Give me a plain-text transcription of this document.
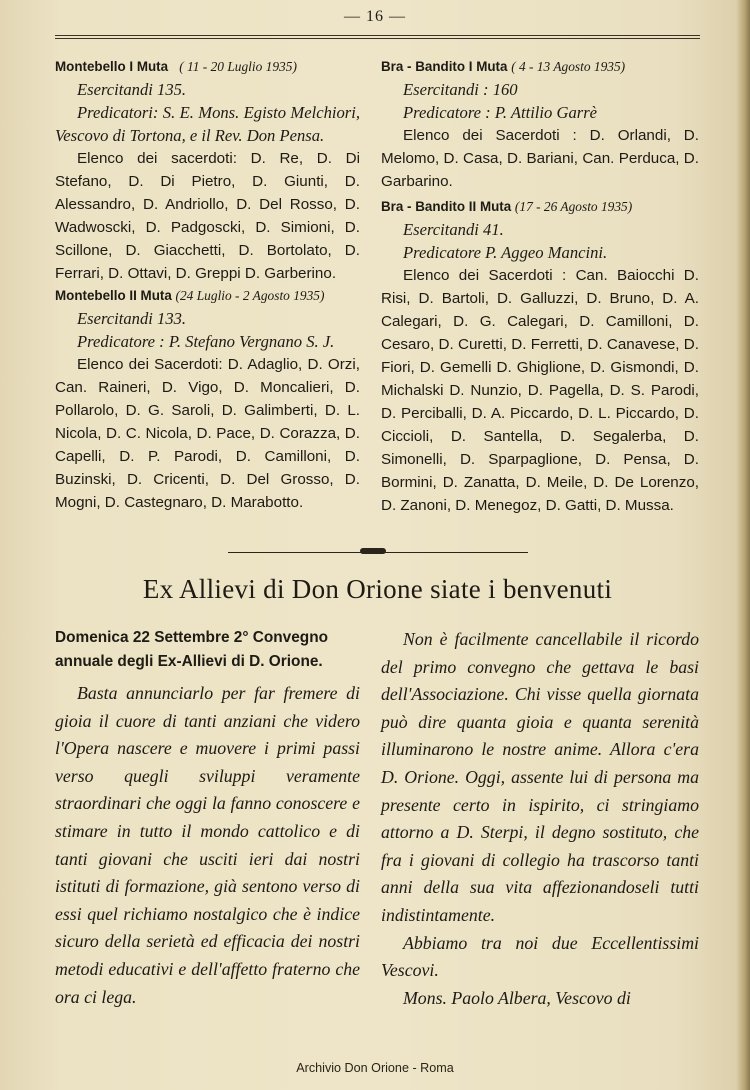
— 16 —
Montebello I Muta ( 11 - 20 Luglio 1935)

Esercitandi 135.

Predicatori: S. E. Mons. Egisto Melchiori, Vescovo di Tortona, e il Rev. Don Pensa.

Elenco dei sacerdoti: D. Re, D. Di Stefano, D. Di Pietro, D. Giunti, D. Alessandro, D. Andriollo, D. Del Rosso, D. Wadwoscki, D. Padgoscki, D. Simioni, D. Scillone, D. Giacchetti, D. Bortolato, D. Ferrari, D. Ottavi, D. Greppi D. Garberino.

Montebello II Muta (24 Luglio - 2 Agosto 1935)

Esercitandi 133.

Predicatore : P. Stefano Vergnano S. J.

Elenco dei Sacerdoti: D. Adaglio, D. Orzi, Can. Raineri, D. Vigo, D. Moncalieri, D. Pollarolo, D. G. Saroli, D. Galimberti, D. L. Nicola, D. C. Nicola, D. Pace, D. Corazza, D. Capelli, D. P. Parodi, D. Camilloni, D. Buzinski, D. Cricenti, D. Del Grosso, D. Mogni, D. Castegnaro, D. Marabotto.

Bra - Bandito I Muta ( 4 - 13 Agosto 1935)

Esercitandi : 160

Predicatore : P. Attilio Garrè

Elenco dei Sacerdoti : D. Orlandi, D. Melomo, D. Casa, D. Bariani, Can. Perduca, D. Garbarino.

Bra - Bandito II Muta (17 - 26 Agosto 1935)

Esercitandi 41.

Predicatore P. Aggeo Mancini.

Elenco dei Sacerdoti : Can. Baiocchi D. Risi, D. Bartoli, D. Galluzzi, D. Bruno, D. A. Calegari, D. G. Calegari, D. Camilloni, D. Cesaro, D. Curetti, D. Ferretti, D. Canavese, D. Fiori, D. Gemelli D. Ghiglione, D. Gismondi, D. Michalski D. Nunzio, D. Pagella, D. S. Parodi, D. Perciballi, D. A. Piccardo, D. L. Piccardo, D. Ciccioli, D. Santella, D. Segalerba, D. Simonelli, D. Sparpaglione, D. Pensa, D. Bormini, D. Zanatta, D. Meile, D. De Lorenzo, D. Zanoni, D. Menegoz, D. Gatti, D. Mussa.

Ex Allievi di Don Orione siate i benvenuti

Domenica 22 Settembre 2° Convegno annuale degli Ex-Allievi di D. Orione.

Basta annunciarlo per far fremere di gioia il cuore di tanti anziani che videro l'Opera nascere e muovere i primi passi verso quegli sviluppi veramente straordinari che oggi la fanno conoscere e stimare in tutto il mondo cattolico e di tanti giovani che usciti ieri dai nostri istituti di formazione, già sentono verso di essi quel richiamo nostalgico che è indice sicuro della serietà ed efficacia dei nostri metodi educativi e dell'affetto fraterno che ora ci lega.

Non è facilmente cancellabile il ricordo del primo convegno che gettava le basi dell'Associazione. Chi visse quella giornata può dire quanta gioia e quanta serenità illuminarono le nostre anime. Allora c'era D. Orione. Oggi, assente lui di persona ma presente certo in ispirito, ci stringiamo attorno a D. Sterpi, il degno sostituto, che fra i giovani di collegio ha trascorso tanti anni della sua vita affezionandoseli tutti indistintamente.

Abbiamo tra noi due Eccellentissimi Vescovi.

Mons. Paolo Albera, Vescovo di

Archivio Don Orione - Roma
